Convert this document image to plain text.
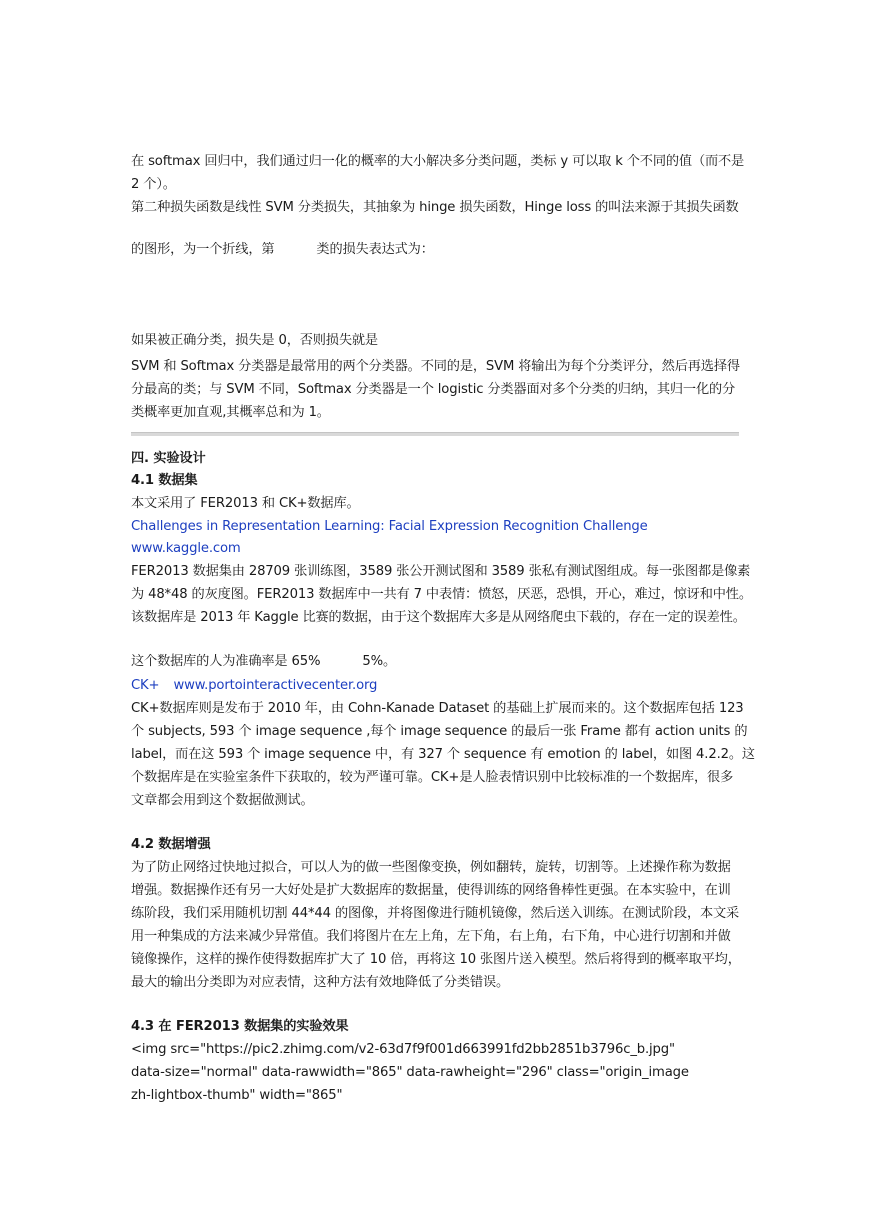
在 softmax 回归中，我们通过归一化的概率的大小解决多分类问题，类标 y 可以取 k 个不同的值（而不是
2 个）。
第二种损失函数是线性 SVM 分类损失，其抽象为 hinge 损失函数，Hinge loss 的叫法来源于其损失函数
的图形，为一个折线，第	类的损失表达式为：
如果被正确分类，损失是 0，否则损失就是
SVM 和 Softmax 分类器是最常用的两个分类器。不同的是，SVM 将输出为每个分类评分，然后再选择得
分最高的类；与 SVM 不同，Softmax 分类器是一个 logistic 分类器面对多个分类的归纳，其归一化的分
类概率更加直观,其概率总和为 1。
四. 实验设计
4.1 数据集
本文采用了 FER2013 和 CK+数据库。
Challenges in Representation Learning: Facial Expression Recognition Challenge
www.kaggle.com
FER2013 数据集由 28709 张训练图，3589 张公开测试图和 3589 张私有测试图组成。每一张图都是像素
为 48*48 的灰度图。FER2013 数据库中一共有 7 中表情：愤怒，厌恶，恐惧，开心，难过，惊讶和中性。
该数据库是 2013 年 Kaggle 比赛的数据，由于这个数据库大多是从网络爬虫下载的，存在一定的误差性。
这个数据库的人为准确率是 65%	5%。
CK+ www.portointeractivecenter.org
CK+数据库则是发布于 2010 年，由 Cohn-Kanade Dataset 的基础上扩展而来的。这个数据库包括 123
个 subjects, 593 个 image sequence ,每个 image sequence 的最后一张 Frame 都有 action units 的
label，而在这 593 个 image sequence 中，有 327 个 sequence 有 emotion 的 label，如图 4.2.2。这
个数据库是在实验室条件下获取的，较为严谨可靠。CK+是人脸表情识别中比较标准的一个数据库，很多
文章都会用到这个数据做测试。
4.2 数据增强
为了防止网络过快地过拟合，可以人为的做一些图像变换，例如翻转，旋转，切割等。上述操作称为数据
增强。数据操作还有另一大好处是扩大数据库的数据量，使得训练的网络鲁棒性更强。在本实验中，在训
练阶段，我们采用随机切割 44*44 的图像，并将图像进行随机镜像，然后送入训练。在测试阶段，本文采
用一种集成的方法来减少异常值。我们将图片在左上角，左下角，右上角，右下角，中心进行切割和并做
镜像操作，这样的操作使得数据库扩大了 10 倍，再将这 10 张图片送入模型。然后将得到的概率取平均，
最大的输出分类即为对应表情，这种方法有效地降低了分类错误。
4.3 在 FER2013 数据集的实验效果
<img src="https://pic2.zhimg.com/v2-63d7f9f001d663991fd2bb2851b3796c_b.jpg"
data-size="normal" data-rawwidth="865" data-rawheight="296" class="origin_image
zh-lightbox-thumb" width="865"
